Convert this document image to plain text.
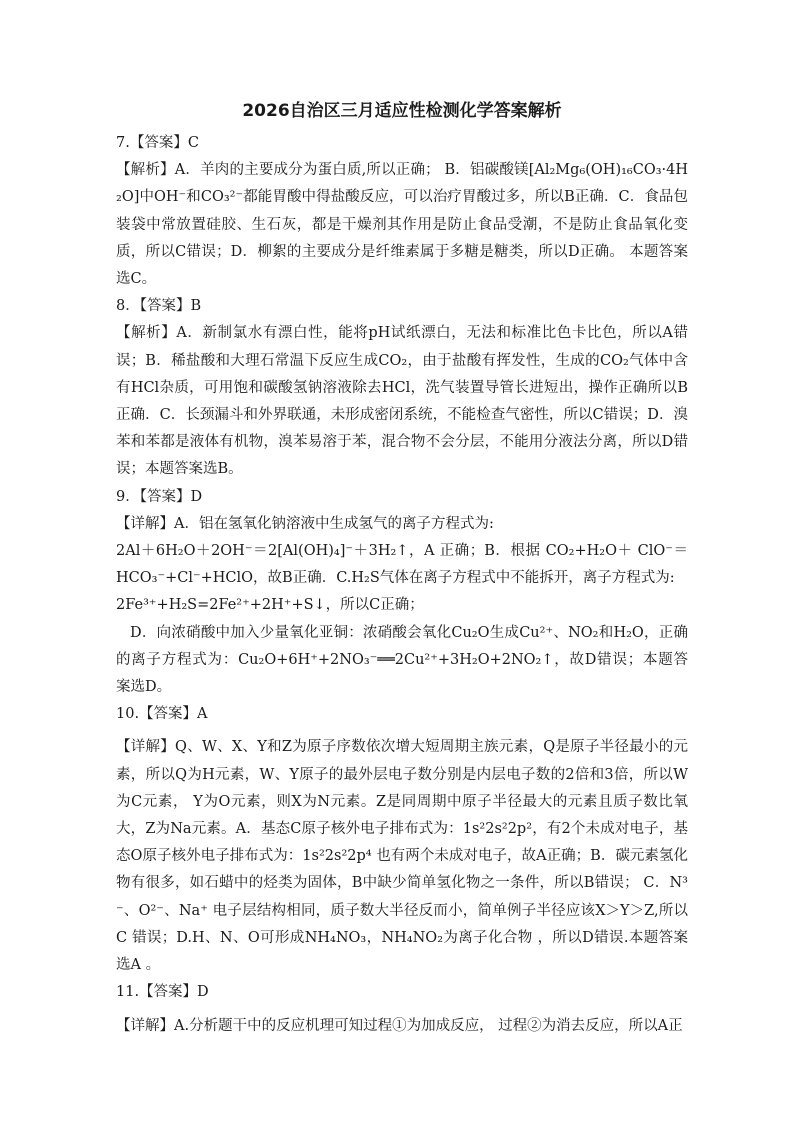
2026自治区三月适应性检测化学答案解析

7.【答案】C

【解析】A．羊肉的主要成分为蛋白质,所以正确； B．铝碳酸镁[Al₂Mg₆(OH)₁₆CO₃·4H₂O]中OH⁻和CO₃²⁻都能胃酸中得盐酸反应，可以治疗胃酸过多，所以B正确．C．食品包装袋中常放置硅胶、生石灰，都是干燥剂其作用是防止食品受潮，不是防止食品氧化变质，所以C错误；D．柳絮的主要成分是纤维素属于多糖是糖类，所以D正确。 本题答案选C。

8．【答案】B

【解析】A．新制氯水有漂白性，能将pH试纸漂白，无法和标准比色卡比色，所以A错误；B．稀盐酸和大理石常温下反应生成CO₂，由于盐酸有挥发性，生成的CO₂气体中含有HCl杂质，可用饱和碳酸氢钠溶液除去HCl，洗气装置导管长进短出，操作正确所以B正确．C．长颈漏斗和外界联通，未形成密闭系统，不能检查气密性，所以C错误；D．溴苯和苯都是液体有机物，溴苯易溶于苯，混合物不会分层，不能用分液法分离，所以D错误；本题答案选B。

9．【答案】D

【详解】A．铝在氢氧化钠溶液中生成氢气的离子方程式为:

2Al＋6H₂O＋2OH⁻＝2[Al(OH)₄]⁻＋3H₂↑，A 正确；B．根据 CO₂+H₂O＋ ClO⁻＝HCO₃⁻+Cl⁻+HClO，故B正确．C.H₂S气体在离子方程式中不能拆开，离子方程式为:

2Fe³⁺+H₂S=2Fe²⁺+2H⁺+S↓，所以C正确；

D．向浓硝酸中加入少量氧化亚铜：浓硝酸会氧化Cu₂O生成Cu²⁺、NO₂和H₂O，正确的离子方程式为：Cu₂O+6H⁺+2NO₃⁻══2Cu²⁺+3H₂O+2NO₂↑，故D错误；本题答案选D。

10.【答案】A

【详解】Q、W、X、Y和Z为原子序数依次增大短周期主族元素，Q是原子半径最小的元素，所以Q为H元素，W、Y原子的最外层电子数分别是内层电子数的2倍和3倍，所以W为C元素， Y为O元素，则X为N元素。Z是同周期中原子半径最大的元素且质子数比氧大，Z为Na元素。A．基态C原子核外电子排布式为：1s²2s²2p²，有2个未成对电子，基态O原子核外电子排布式为：1s²2s²2p⁴ 也有两个未成对电子，故A正确；B．碳元素氢化物有很多，如石蜡中的烃类为固体，B中缺少简单氢化物之一条件，所以B错误； C．N³⁻、O²⁻、Na⁺ 电子层结构相同，质子数大半径反而小，简单例子半径应该X＞Y＞Z,所以C 错误；D.H、N、O可形成NH₄NO₃，NH₄NO₂为离子化合物 ，所以D错误.本题答案选A 。

11.【答案】D

【详解】A.分析题干中的反应机理可知过程①为加成反应， 过程②为消去反应，所以A正
